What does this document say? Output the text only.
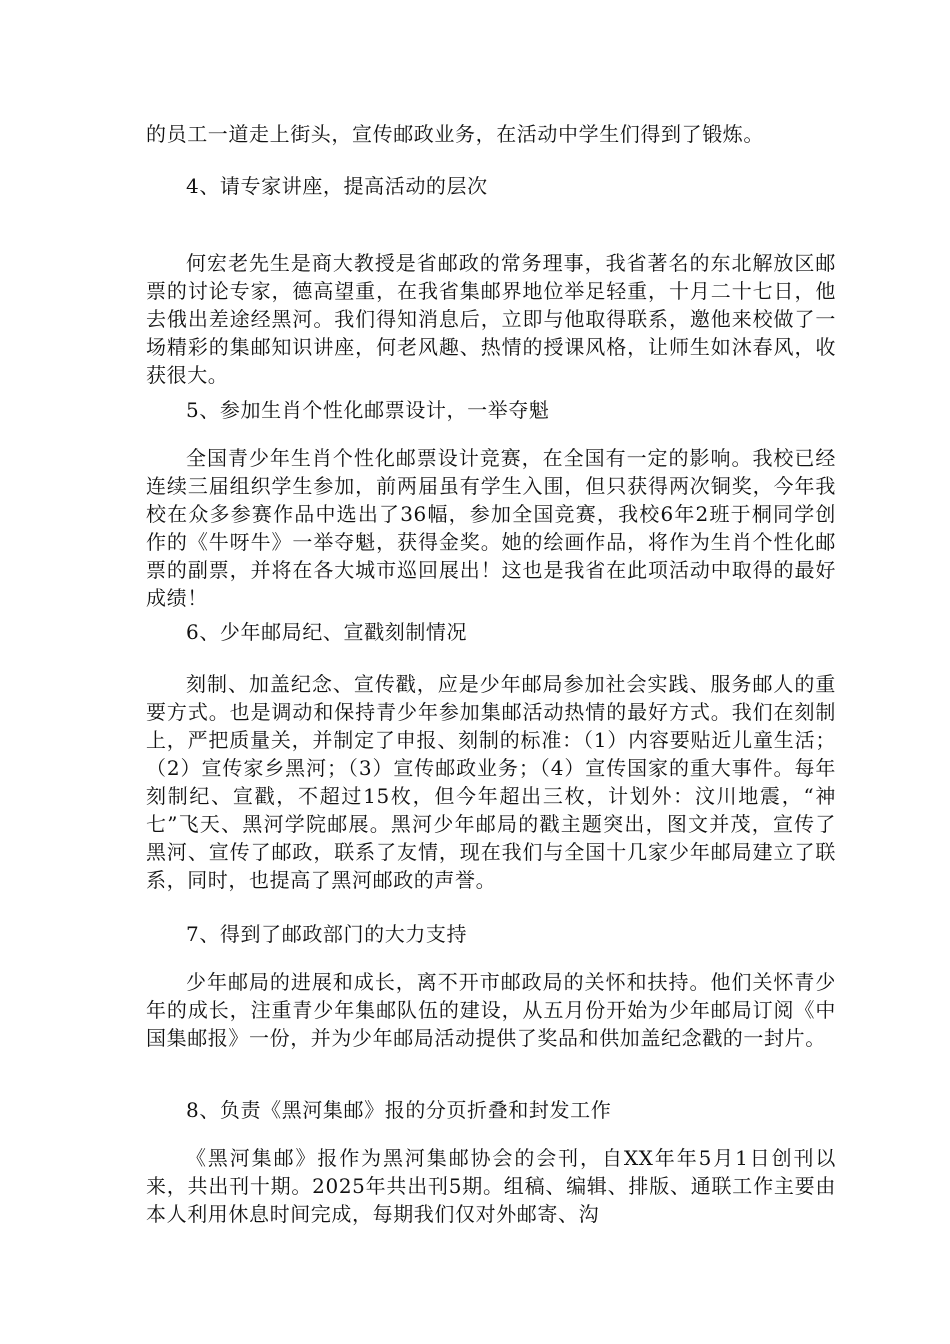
的员工一道走上街头，宣传邮政业务，在活动中学生们得到了锻炼。

4、请专家讲座，提高活动的层次

何宏老先生是商大教授是省邮政的常务理事，我省著名的东北解放区邮票的讨论专家，德高望重，在我省集邮界地位举足轻重，十月二十七日，他去俄出差途经黑河。我们得知消息后，立即与他取得联系，邀他来校做了一场精彩的集邮知识讲座，何老风趣、热情的授课风格，让师生如沐春风，收获很大。

5、参加生肖个性化邮票设计，一举夺魁

全国青少年生肖个性化邮票设计竞赛，在全国有一定的影响。我校已经连续三届组织学生参加，前两届虽有学生入围，但只获得两次铜奖，今年我校在众多参赛作品中选出了36幅，参加全国竞赛，我校6年2班于桐同学创作的《牛呀牛》一举夺魁，获得金奖。她的绘画作品，将作为生肖个性化邮票的副票，并将在各大城市巡回展出！这也是我省在此项活动中取得的最好成绩！

6、少年邮局纪、宣戳刻制情况

刻制、加盖纪念、宣传戳，应是少年邮局参加社会实践、服务邮人的重要方式。也是调动和保持青少年参加集邮活动热情的最好方式。我们在刻制上，严把质量关，并制定了申报、刻制的标准：（1）内容要贴近儿童生活；（2）宣传家乡黑河；（3）宣传邮政业务；（4）宣传国家的重大事件。每年刻制纪、宣戳，不超过15枚，但今年超出三枚，计划外：汶川地震，“神七”飞天、黑河学院邮展。黑河少年邮局的戳主题突出，图文并茂，宣传了黑河、宣传了邮政，联系了友情，现在我们与全国十几家少年邮局建立了联系，同时，也提高了黑河邮政的声誉。

7、得到了邮政部门的大力支持

少年邮局的进展和成长，离不开市邮政局的关怀和扶持。他们关怀青少年的成长，注重青少年集邮队伍的建设，从五月份开始为少年邮局订阅《中国集邮报》一份，并为少年邮局活动提供了奖品和供加盖纪念戳的一封片。

8、负责《黑河集邮》报的分页折叠和封发工作

《黑河集邮》报作为黑河集邮协会的会刊，自XX年年5月1日创刊以来，共出刊十期。2025年共出刊5期。组稿、编辑、排版、通联工作主要由本人利用休息时间完成，每期我们仅对外邮寄、沟
